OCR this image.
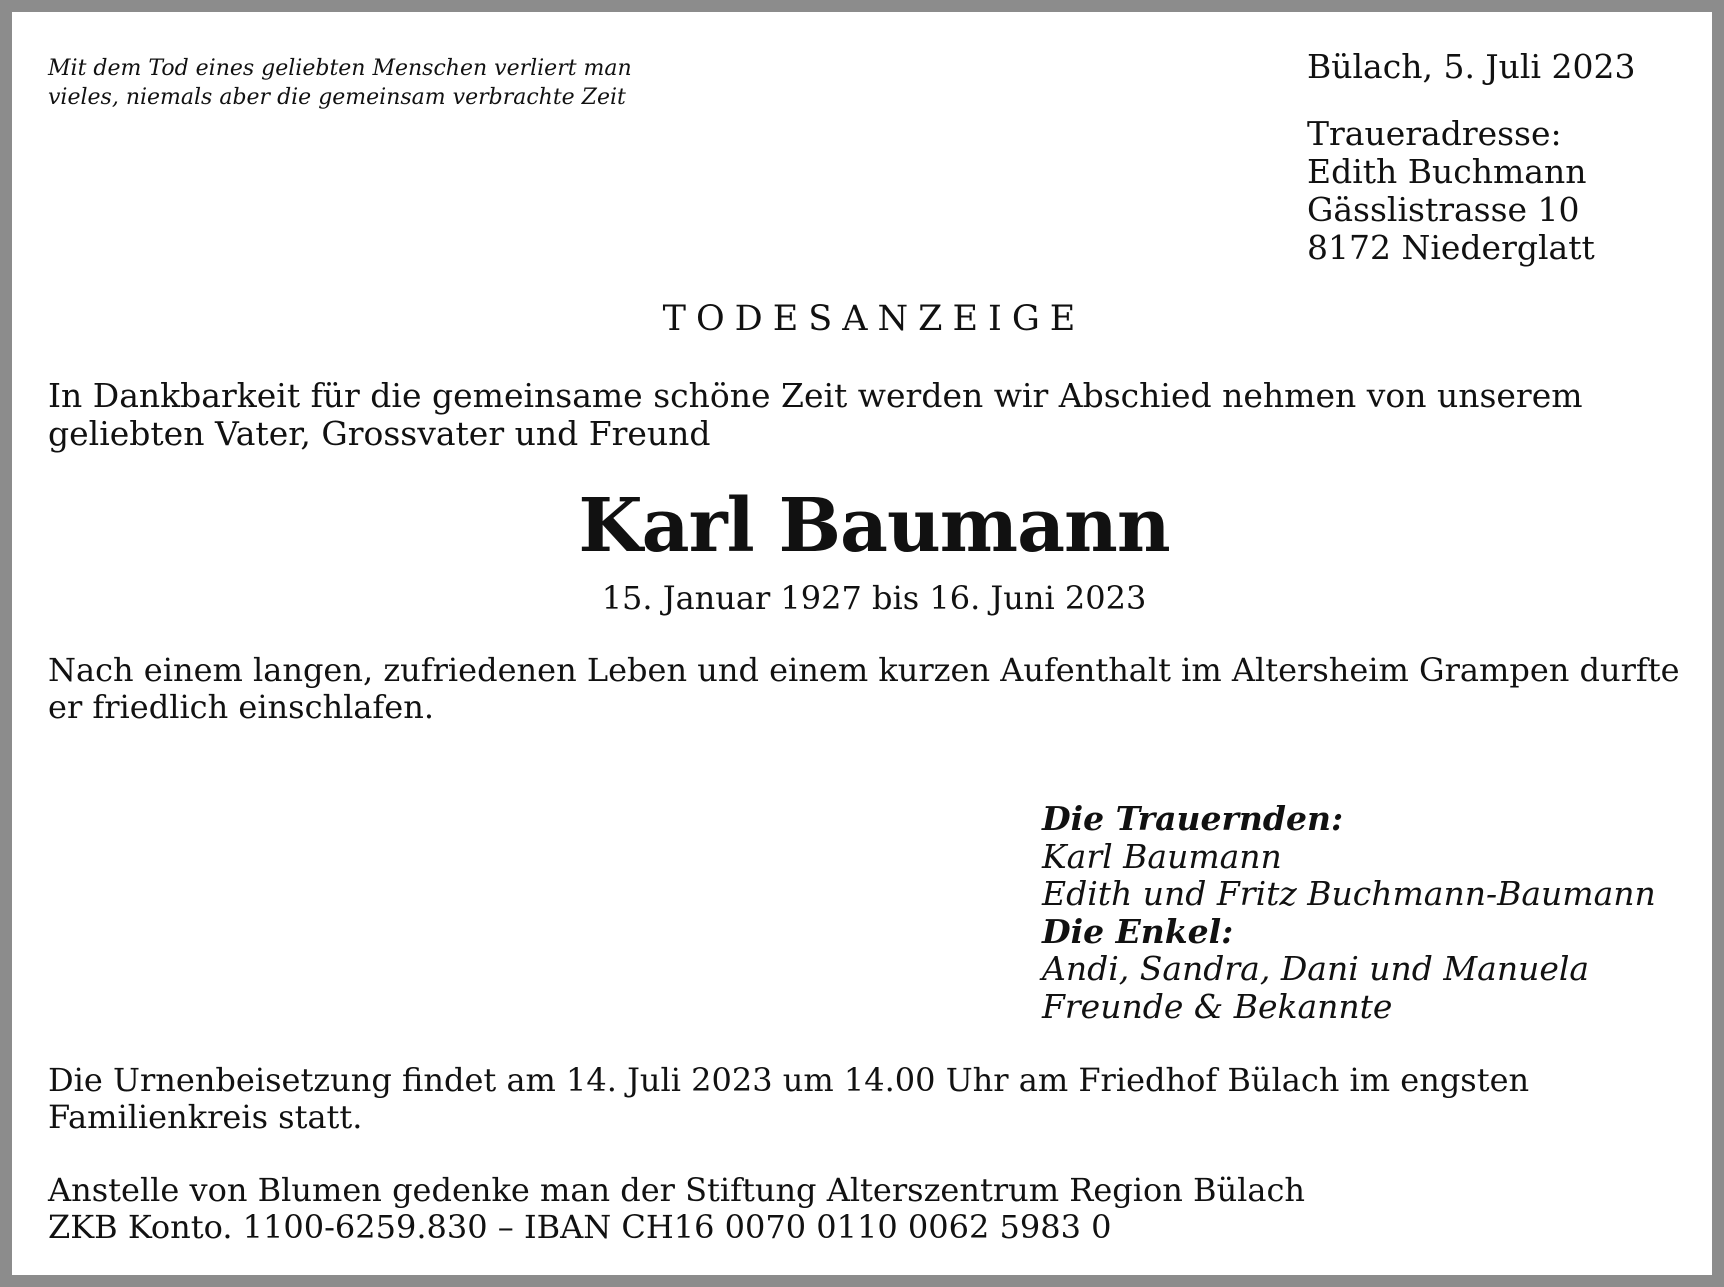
Mit dem Tod eines geliebten Menschen verliert man
vieles, niemals aber die gemeinsam verbrachte Zeit
Bülach, 5. Juli 2023
Traueradresse:
Edith Buchmann
Gässlistrasse 10
8172 Niederglatt
TODESANZEIGE
In Dankbarkeit für die gemeinsame schöne Zeit werden wir Abschied nehmen von unserem
geliebten Vater, Grossvater und Freund
Karl Baumann
15. Januar 1927 bis 16. Juni 2023
Nach einem langen, zufriedenen Leben und einem kurzen Aufenthalt im Altersheim Grampen durfte
er friedlich einschlafen.
Die Trauernden:
Karl Baumann
Edith und Fritz Buchmann-Baumann
Die Enkel:
Andi, Sandra, Dani und Manuela
Freunde & Bekannte
Die Urnenbeisetzung findet am 14. Juli 2023 um 14.00 Uhr am Friedhof Bülach im engsten
Familienkreis statt.
Anstelle von Blumen gedenke man der Stiftung Alterszentrum Region Bülach
ZKB Konto. 1100-6259.830 – IBAN CH16 0070 0110 0062 5983 0
